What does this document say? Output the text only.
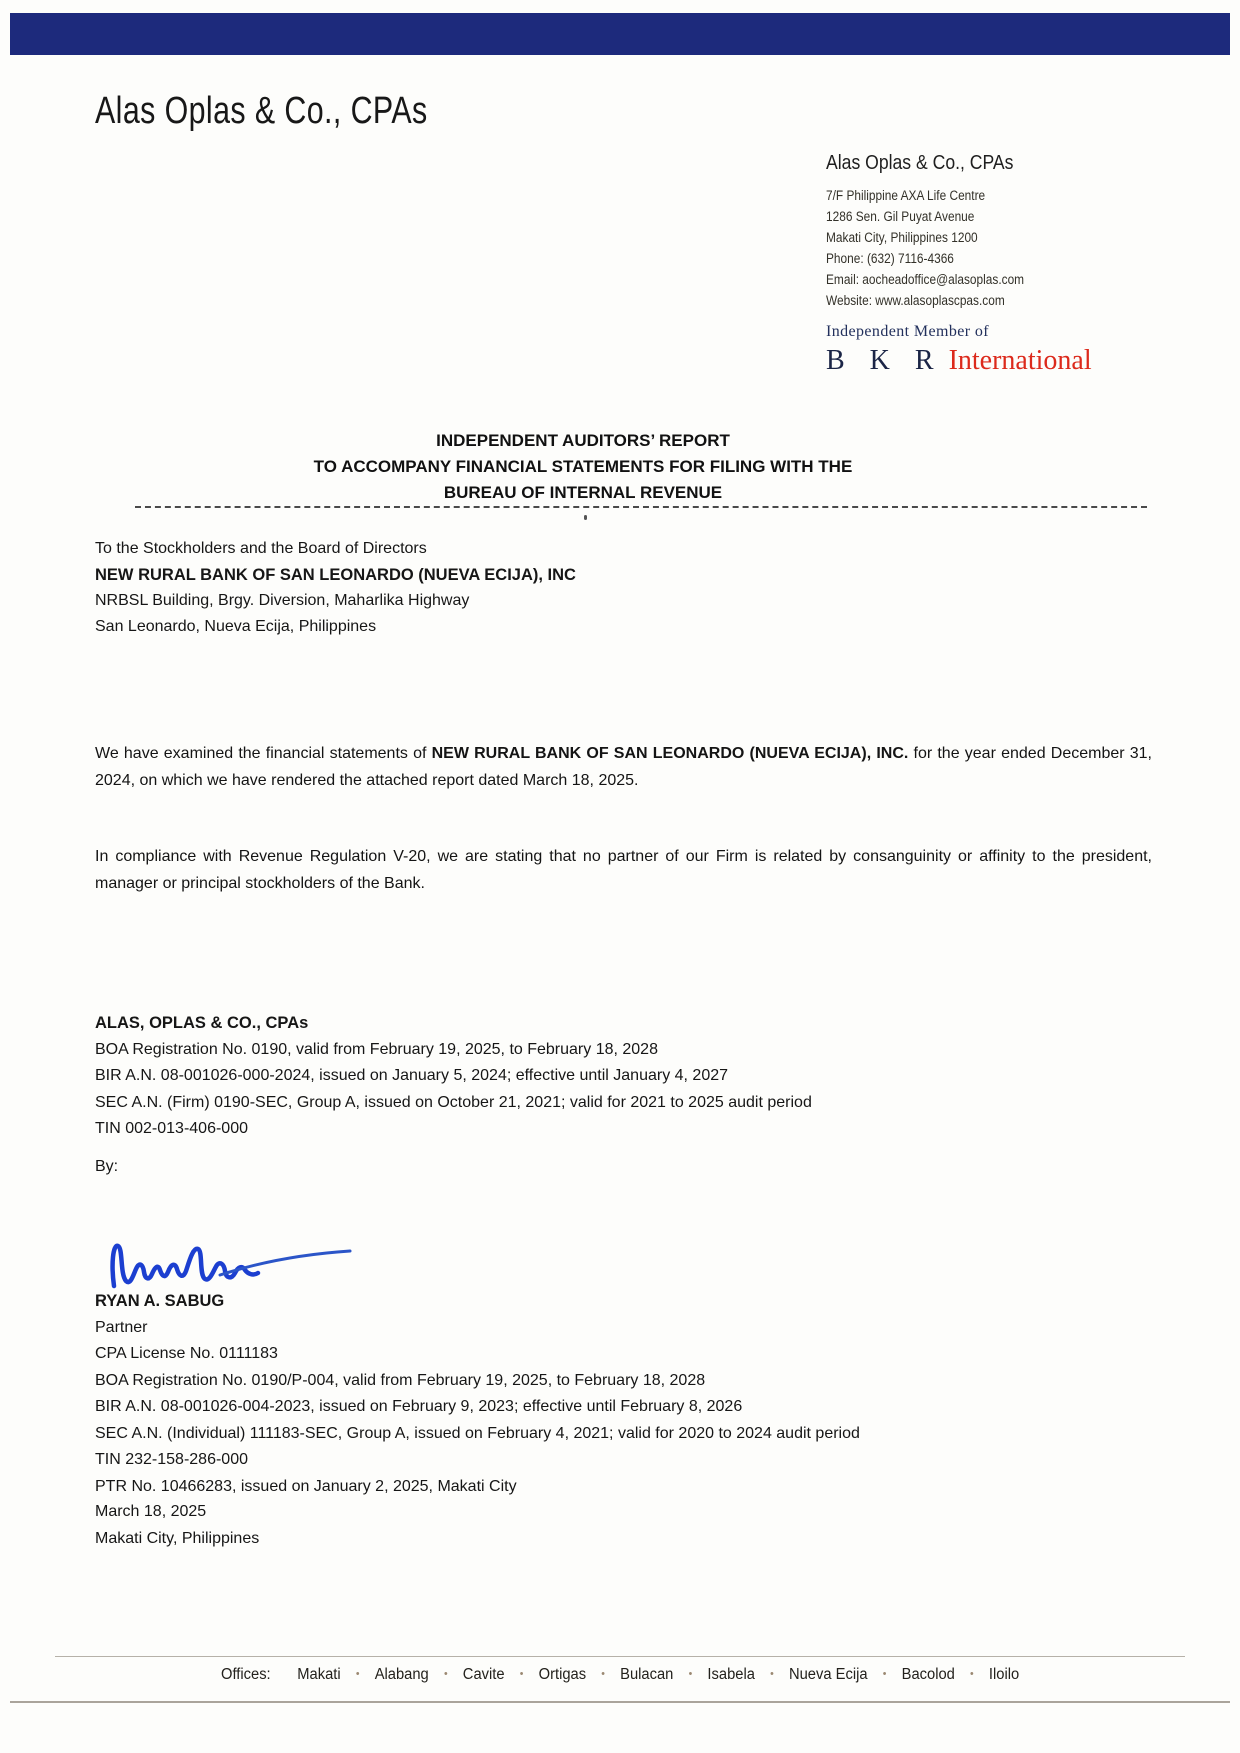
Alas Oplas & Co., CPAs
Alas Oplas & Co., CPAs
7/F Philippine AXA Life Centre
1286 Sen. Gil Puyat Avenue
Makati City, Philippines 1200
Phone: (632) 7116-4366
Email: aocheadoffice@alasoplas.com
Website: www.alasoplascpas.com
Independent Member of
B K R International
INDEPENDENT AUDITORS’ REPORT
TO ACCOMPANY FINANCIAL STATEMENTS FOR FILING WITH THE
BUREAU OF INTERNAL REVENUE
To the Stockholders and the Board of Directors
NEW RURAL BANK OF SAN LEONARDO (NUEVA ECIJA), INC
NRBSL Building, Brgy. Diversion, Maharlika Highway
San Leonardo, Nueva Ecija, Philippines
We have examined the financial statements of NEW RURAL BANK OF SAN LEONARDO (NUEVA ECIJA), INC. for the year ended December 31, 2024, on which we have rendered the attached report dated March 18, 2025.
In compliance with Revenue Regulation V-20, we are stating that no partner of our Firm is related by consanguinity or affinity to the president, manager or principal stockholders of the Bank.
ALAS, OPLAS & CO., CPAs
BOA Registration No. 0190, valid from February 19, 2025, to February 18, 2028
BIR A.N. 08-001026-000-2024, issued on January 5, 2024; effective until January 4, 2027
SEC A.N. (Firm) 0190-SEC, Group A, issued on October 21, 2021; valid for 2021 to 2025 audit period
TIN 002-013-406-000
By:
RYAN A. SABUG
Partner
CPA License No. 0111183
BOA Registration No. 0190/P-004, valid from February 19, 2025, to February 18, 2028
BIR A.N. 08-001026-004-2023, issued on February 9, 2023; effective until February 8, 2026
SEC A.N. (Individual) 111183-SEC, Group A, issued on February 4, 2021; valid for 2020 to 2024 audit period
TIN 232-158-286-000
PTR No. 10466283, issued on January 2, 2025, Makati City
March 18, 2025
Makati City, Philippines
Offices: Makati • Alabang • Cavite • Ortigas • Bulacan • Isabela • Nueva Ecija • Bacolod • Iloilo
